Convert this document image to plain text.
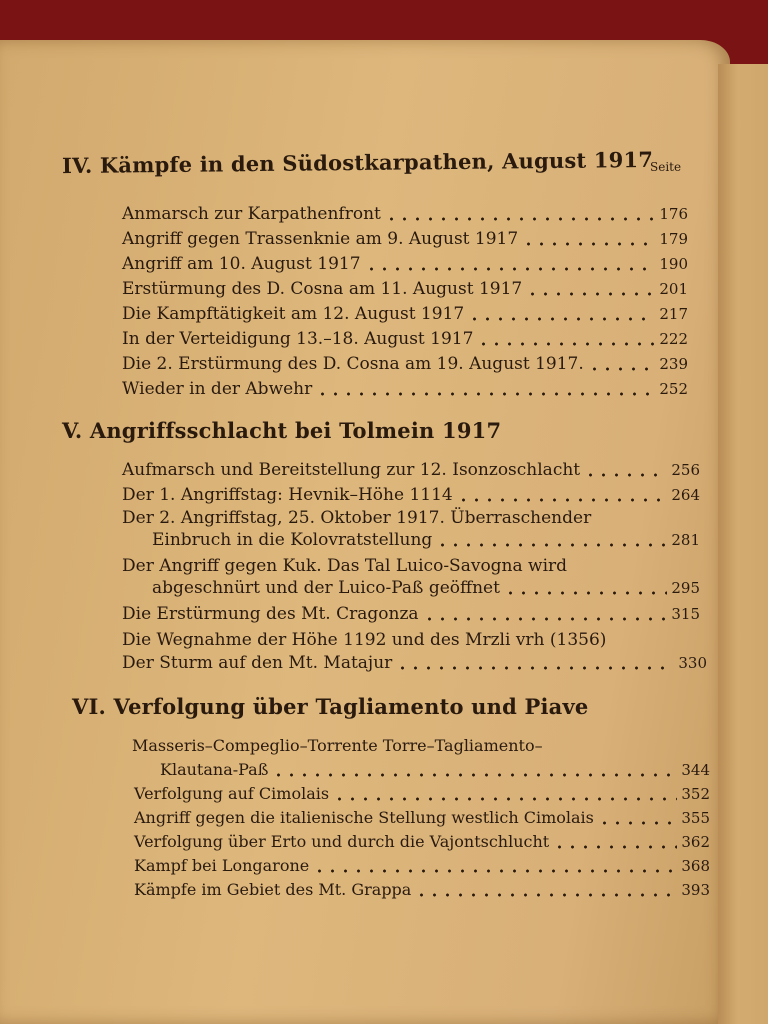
IV. Kämpfe in den Südostkarpathen, August 1917
Seite
Anmarsch zur Karpathenfront	176
Angriff gegen Trassenknie am 9. August 1917	179
Angriff am 10. August 1917	190
Erstürmung des D. Cosna am 11. August 1917	201
Die Kampftätigkeit am 12. August 1917	217
In der Verteidigung 13.–18. August 1917	222
Die 2. Erstürmung des D. Cosna am 19. August 1917.	239
Wieder in der Abwehr	252
V. Angriffsschlacht bei Tolmein 1917
Aufmarsch und Bereitstellung zur 12. Isonzoschlacht	256
Der 1. Angriffstag: Hevnik–Höhe 1114	264
Der 2. Angriffstag, 25. Oktober 1917. Überraschender
Einbruch in die Kolovratstellung	281
Der Angriff gegen Kuk. Das Tal Luico-Savogna wird
abgeschnürt und der Luico-Paß geöffnet	295
Die Erstürmung des Mt. Cragonza	315
Die Wegnahme der Höhe 1192 und des Mrzli vrh (1356)
Der Sturm auf den Mt. Matajur	330
VI. Verfolgung über Tagliamento und Piave
Masseris–Compeglio–Torrente Torre–Tagliamento–
Klautana-Paß	344
Verfolgung auf Cimolais	352
Angriff gegen die italienische Stellung westlich Cimolais	355
Verfolgung über Erto und durch die Vajontschlucht	362
Kampf bei Longarone	368
Kämpfe im Gebiet des Mt. Grappa	393
